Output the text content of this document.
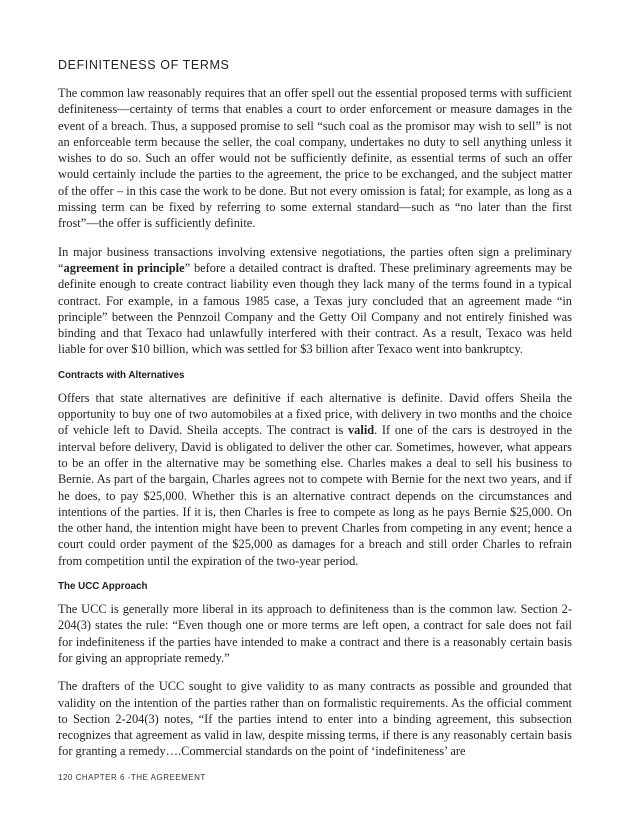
DEFINITENESS OF TERMS

The common law reasonably requires that an offer spell out the essential proposed terms with sufficient definiteness—certainty of terms that enables a court to order enforcement or measure damages in the event of a breach. Thus, a supposed promise to sell “such coal as the promisor may wish to sell” is not an enforceable term because the seller, the coal company, undertakes no duty to sell anything unless it wishes to do so. Such an offer would not be sufficiently definite, as essential terms of such an offer would certainly include the parties to the agreement, the price to be exchanged, and the subject matter of the offer – in this case the work to be done. But not every omission is fatal; for example, as long as a missing term can be fixed by referring to some external standard—such as “no later than the first frost”—the offer is sufficiently definite.

In major business transactions involving extensive negotiations, the parties often sign a preliminary “agreement in principle” before a detailed contract is drafted. These preliminary agreements may be definite enough to create contract liability even though they lack many of the terms found in a typical contract. For example, in a famous 1985 case, a Texas jury concluded that an agreement made “in principle” between the Pennzoil Company and the Getty Oil Company and not entirely finished was binding and that Texaco had unlawfully interfered with their contract. As a result, Texaco was held liable for over $10 billion, which was settled for $3 billion after Texaco went into bankruptcy.

Contracts with Alternatives

Offers that state alternatives are definitive if each alternative is definite. David offers Sheila the opportunity to buy one of two automobiles at a fixed price, with delivery in two months and the choice of vehicle left to David. Sheila accepts. The contract is valid. If one of the cars is destroyed in the interval before delivery, David is obligated to deliver the other car. Sometimes, however, what appears to be an offer in the alternative may be something else. Charles makes a deal to sell his business to Bernie. As part of the bargain, Charles agrees not to compete with Bernie for the next two years, and if he does, to pay $25,000. Whether this is an alternative contract depends on the circumstances and intentions of the parties. If it is, then Charles is free to compete as long as he pays Bernie $25,000. On the other hand, the intention might have been to prevent Charles from competing in any event; hence a court could order payment of the $25,000 as damages for a breach and still order Charles to refrain from competition until the expiration of the two-year period.

The UCC Approach

The UCC is generally more liberal in its approach to definiteness than is the common law. Section 2-204(3) states the rule: “Even though one or more terms are left open, a contract for sale does not fail for indefiniteness if the parties have intended to make a contract and there is a reasonably certain basis for giving an appropriate remedy.”

The drafters of the UCC sought to give validity to as many contracts as possible and grounded that validity on the intention of the parties rather than on formalistic requirements. As the official comment to Section 2-204(3) notes, “If the parties intend to enter into a binding agreement, this subsection recognizes that agreement as valid in law, despite missing terms, if there is any reasonably certain basis for granting a remedy….Commercial standards on the point of ‘indefiniteness’ are

120 CHAPTER 6 -THE AGREEMENT
